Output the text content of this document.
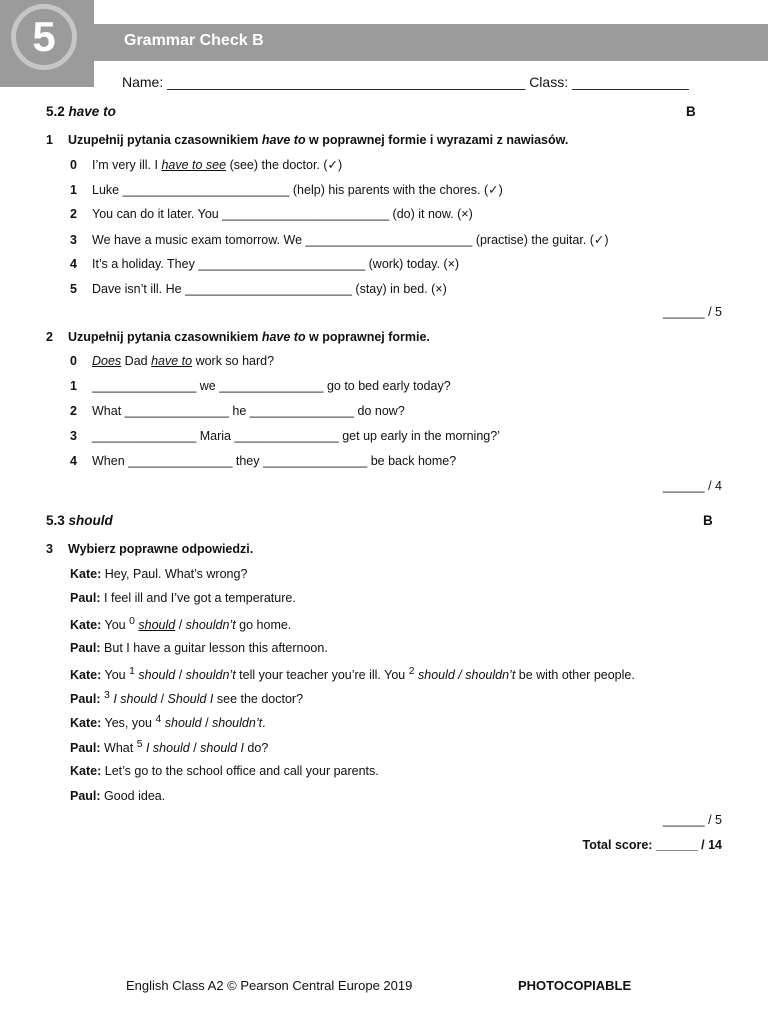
5	Grammar Check B
Name: ______________________________________________ Class: _______________
5.2 have to	B
1 Uzupełnij pytania czasownikiem have to w poprawnej formie i wyrazami z nawiasów.
0 I’m very ill. I have to see (see) the doctor. (✓)
1 Luke ________________________ (help) his parents with the chores. (✓)
2 You can do it later. You ________________________ (do) it now. (×)
3 We have a music exam tomorrow. We ________________________ (practise) the guitar. (✓)
4 It’s a holiday. They ________________________ (work) today. (×)
5 Dave isn’t ill. He ________________________ (stay) in bed. (×)
______ / 5
2 Uzupełnij pytania czasownikiem have to w poprawnej formie.
0 Does Dad have to work so hard?
1 _______________ we _______________ go to bed early today?
2 What _______________ he _______________ do now?
3 _______________ Maria _______________ get up early in the morning?’
4 When _______________ they _______________ be back home?
______ / 4
5.3 should	B
3 Wybierz poprawne odpowiedzi.
Kate: Hey, Paul. What’s wrong?
Paul: I feel ill and I’ve got a temperature.
Kate: You $^0$ should / shouldn’t go home.
Paul: But I have a guitar lesson this afternoon.
Kate: You $^1$ should / shouldn’t tell your teacher you’re ill. You $^2$ should / shouldn’t be with other people.
Paul: $^3$ I should / Should I see the doctor?
Kate: Yes, you $^4$ should / shouldn’t.
Paul: What $^5$ I should / should I do?
Kate: Let’s go to the school office and call your parents.
Paul: Good idea.
______ / 5
Total score: ______ / 14
English Class A2 © Pearson Central Europe 2019	PHOTOCOPIABLE
